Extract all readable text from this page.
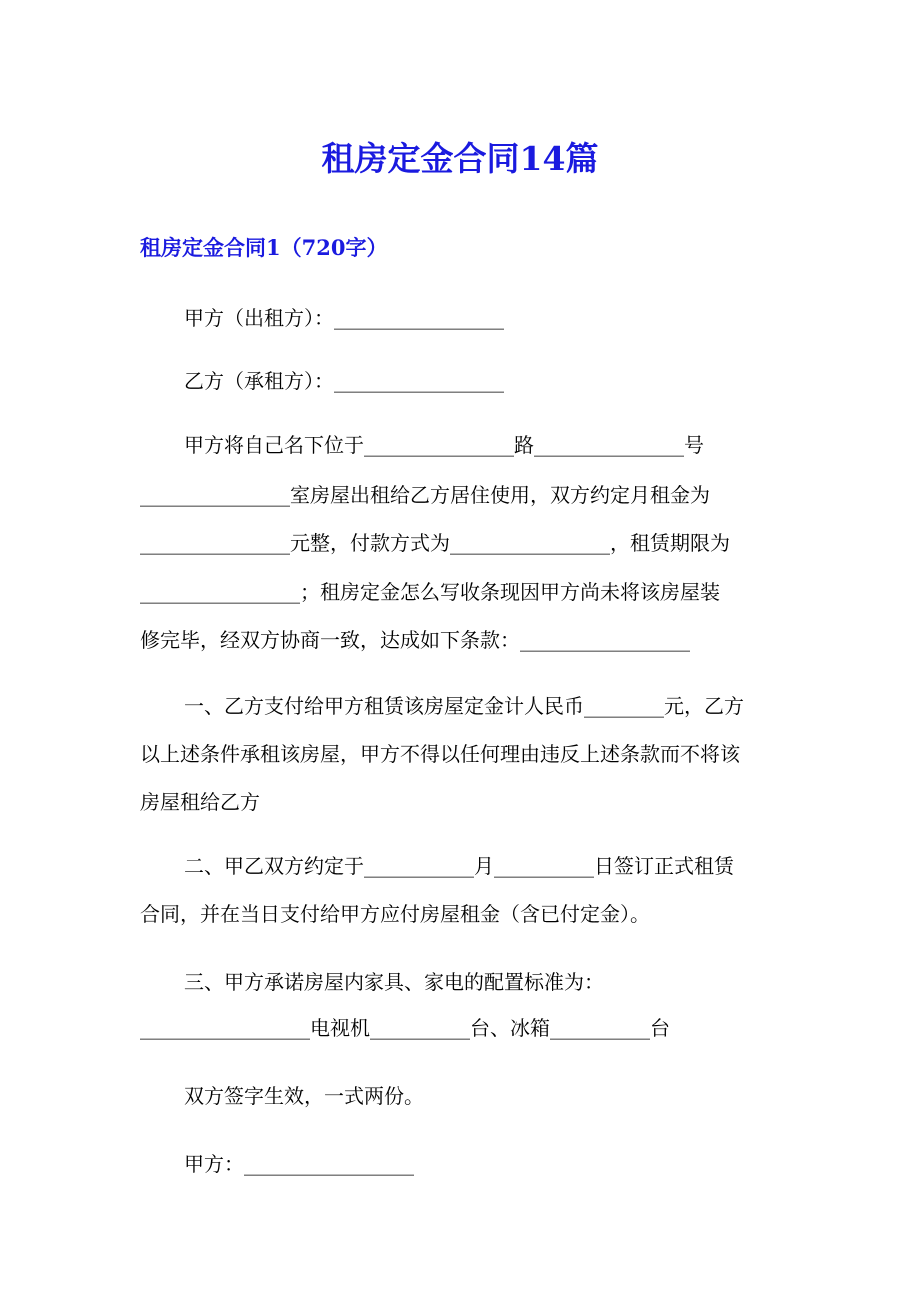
租房定金合同14篇
租房定金合同1（720字）

甲方（出租方）：_________________

乙方（承租方）：_________________

甲方将自己名下位于_______________路_______________号

_______________室房屋出租给乙方居住使用，双方约定月租金为

_______________元整，付款方式为________________，租赁期限为

________________；租房定金怎么写收条现因甲方尚未将该房屋装

修完毕，经双方协商一致，达成如下条款：_________________

一、乙方支付给甲方租赁该房屋定金计人民币________元，乙方

以上述条件承租该房屋，甲方不得以任何理由违反上述条款而不将该

房屋租给乙方

二、甲乙双方约定于___________月__________日签订正式租赁

合同，并在当日支付给甲方应付房屋租金（含已付定金）。

三、甲方承诺房屋内家具、家电的配置标准为：

_________________电视机__________台、冰箱__________台

双方签字生效，一式两份。

甲方：_________________
